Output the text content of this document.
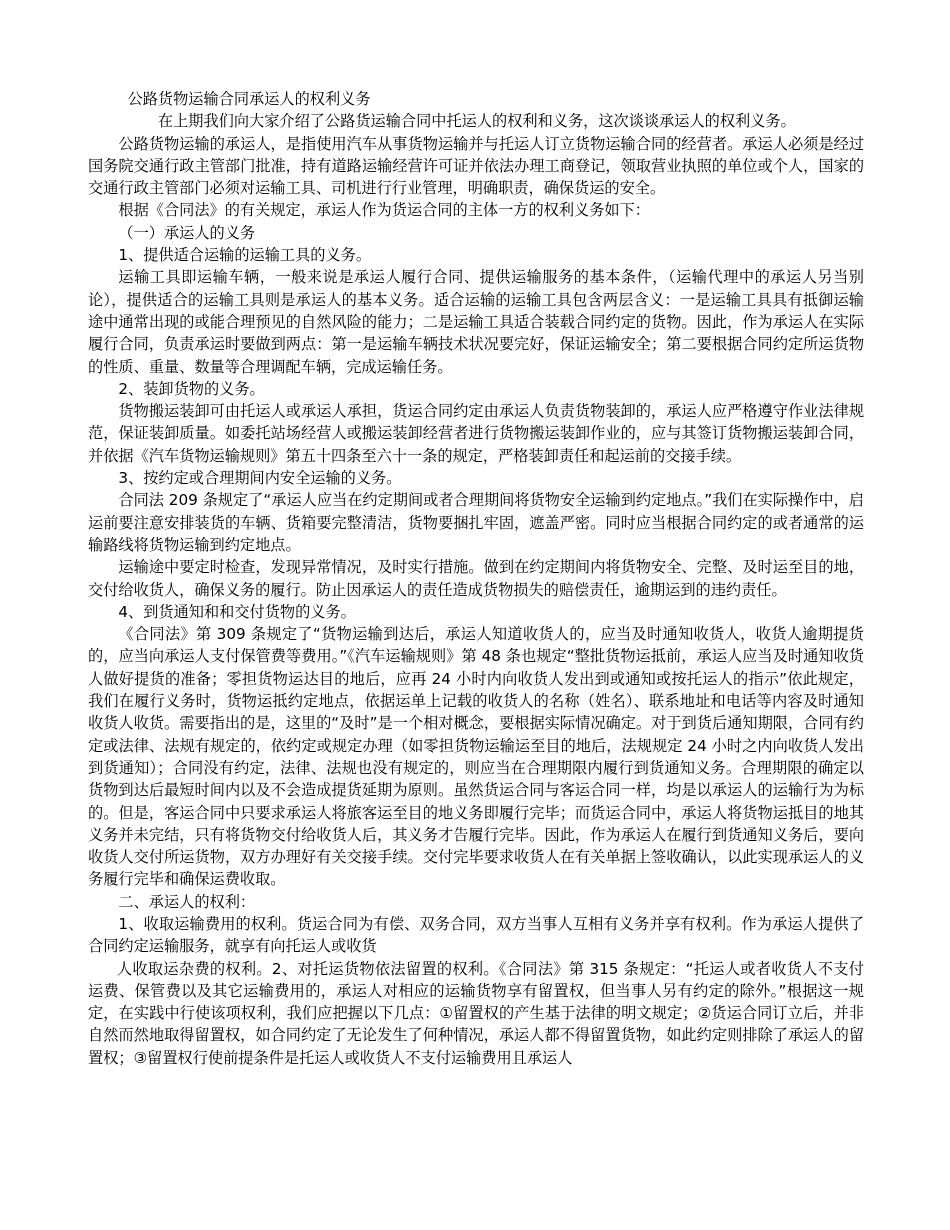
公路货物运输合同承运人的权利义务

在上期我们向大家介绍了公路货运输合同中托运人的权利和义务，这次谈谈承运人的权利义务。

公路货物运输的承运人，是指使用汽车从事货物运输并与托运人订立货物运输合同的经营者。承运人必须是经过国务院交通行政主管部门批准，持有道路运输经营许可证并依法办理工商登记，领取营业执照的单位或个人，国家的交通行政主管部门必须对运输工具、司机进行行业管理，明确职责，确保货运的安全。

根据《合同法》的有关规定，承运人作为货运合同的主体一方的权利义务如下：

（一）承运人的义务

1、提供适合运输的运输工具的义务。

运输工具即运输车辆，一般来说是承运人履行合同、提供运输服务的基本条件，（运输代理中的承运人另当别论），提供适合的运输工具则是承运人的基本义务。适合运输的运输工具包含两层含义：一是运输工具具有抵御运输途中通常出现的或能合理预见的自然风险的能力；二是运输工具适合装载合同约定的货物。因此，作为承运人在实际履行合同，负责承运时要做到两点：第一是运输车辆技术状况要完好，保证运输安全；第二要根据合同约定所运货物的性质、重量、数量等合理调配车辆，完成运输任务。

2、装卸货物的义务。

货物搬运装卸可由托运人或承运人承担，货运合同约定由承运人负责货物装卸的，承运人应严格遵守作业法律规范，保证装卸质量。如委托站场经营人或搬运装卸经营者进行货物搬运装卸作业的，应与其签订货物搬运装卸合同，并依据《汽车货物运输规则》第五十四条至六十一条的规定，严格装卸责任和起运前的交接手续。

3、按约定或合理期间内安全运输的义务。

合同法 209 条规定了“承运人应当在约定期间或者合理期间将货物安全运输到约定地点。”我们在实际操作中，启运前要注意安排装货的车辆、货箱要完整清洁，货物要捆扎牢固，遮盖严密。同时应当根据合同约定的或者通常的运输路线将货物运输到约定地点。

运输途中要定时检查，发现异常情况，及时实行措施。做到在约定期间内将货物安全、完整、及时运至目的地，交付给收货人，确保义务的履行。防止因承运人的责任造成货物损失的赔偿责任，逾期运到的违约责任。

4、到货通知和和交付货物的义务。

《合同法》第 309 条规定了“货物运输到达后，承运人知道收货人的，应当及时通知收货人，收货人逾期提货的，应当向承运人支付保管费等费用。”《汽车运输规则》第 48 条也规定“整批货物运抵前，承运人应当及时通知收货人做好提货的准备；零担货物运达目的地后，应再 24 小时内向收货人发出到或通知或按托运人的指示”依此规定，我们在履行义务时，货物运抵约定地点，依据运单上记载的收货人的名称（姓名）、联系地址和电话等内容及时通知收货人收货。需要指出的是，这里的“及时”是一个相对概念，要根据实际情况确定。对于到货后通知期限，合同有约定或法律、法规有规定的，依约定或规定办理（如零担货物运输运至目的地后，法规规定 24 小时之内向收货人发出到货通知）；合同没有约定，法律、法规也没有规定的，则应当在合理期限内履行到货通知义务。合理期限的确定以货物到达后最短时间内以及不会造成提货延期为原则。虽然货运合同与客运合同一样，均是以承运人的运输行为为标的。但是，客运合同中只要求承运人将旅客运至目的地义务即履行完毕；而货运合同中，承运人将货物运抵目的地其义务并未完结，只有将货物交付给收货人后，其义务才告履行完毕。因此，作为承运人在履行到货通知义务后，要向收货人交付所运货物，双方办理好有关交接手续。交付完毕要求收货人在有关单据上签收确认，以此实现承运人的义务履行完毕和确保运费收取。

二、承运人的权利：

1、收取运输费用的权利。货运合同为有偿、双务合同，双方当事人互相有义务并享有权利。作为承运人提供了合同约定运输服务，就享有向托运人或收货

人收取运杂费的权利。2、对托运货物依法留置的权利。《合同法》第 315 条规定：“托运人或者收货人不支付运费、保管费以及其它运输费用的，承运人对相应的运输货物享有留置权，但当事人另有约定的除外。”根据这一规定，在实践中行使该项权利，我们应把握以下几点：①留置权的产生基于法律的明文规定；②货运合同订立后，并非自然而然地取得留置权，如合同约定了无论发生了何种情况，承运人都不得留置货物，如此约定则排除了承运人的留置权；③留置权行使前提条件是托运人或收货人不支付运输费用且承运人
